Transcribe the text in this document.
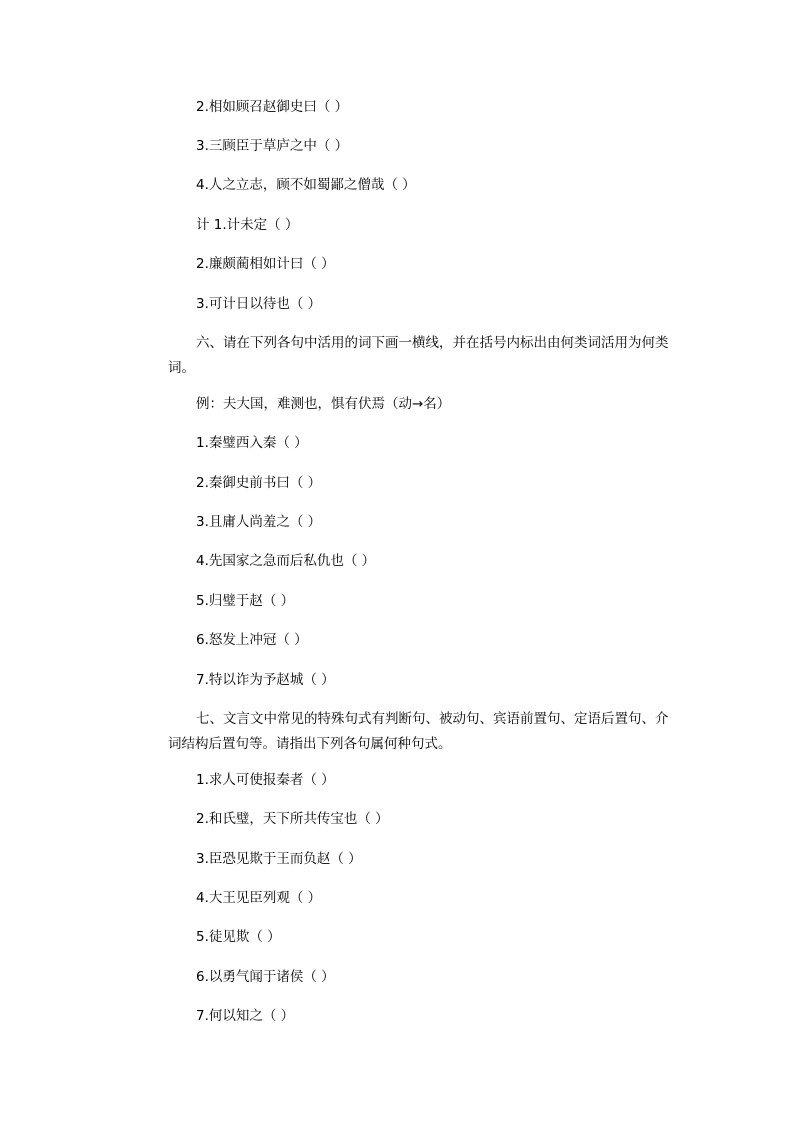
2.相如顾召赵御史曰（ ）
3.三顾臣于草庐之中（ ）
4.人之立志，顾不如蜀鄙之僧哉（ ）
计 1.计未定（ ）
2.廉颇蔺相如计曰（ ）
3.可计日以待也（ ）
六、请在下列各句中活用的词下画一横线，并在括号内标出由何类词活用为何类词。
例：夫大国，难测也，惧有伏焉（动→名）
1.秦璧西入秦（ ）
2.秦御史前书曰（ ）
3.且庸人尚羞之（ ）
4.先国家之急而后私仇也（ ）
5.归璧于赵（ ）
6.怒发上冲冠（ ）
7.特以诈为予赵城（ ）
七、文言文中常见的特殊句式有判断句、被动句、宾语前置句、定语后置句、介词结构后置句等。请指出下列各句属何种句式。
1.求人可使报秦者（ ）
2.和氏璧，天下所共传宝也（ ）
3.臣恐见欺于王而负赵（ ）
4.大王见臣列观（ ）
5.徒见欺（ ）
6.以勇气闻于诸侯（ ）
7.何以知之（ ）
